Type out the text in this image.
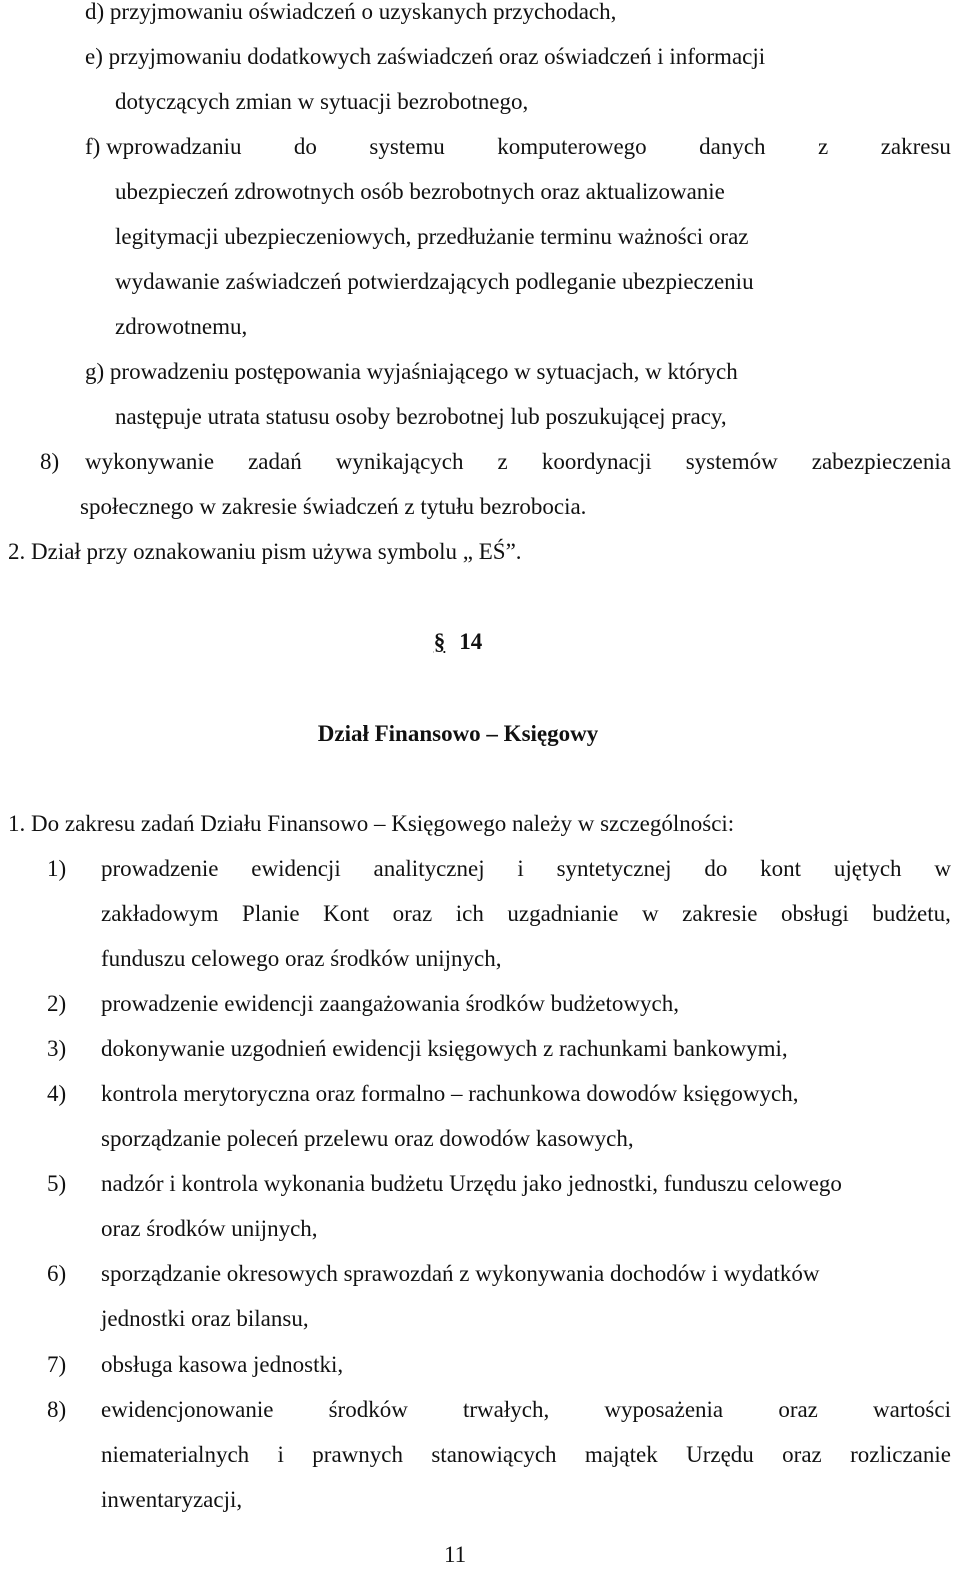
d) przyjmowaniu oświadczeń o uzyskanych przychodach,
e) przyjmowaniu dodatkowych zaświadczeń oraz oświadczeń i informacji
dotyczących zmian w sytuacji bezrobotnego,
f) wprowadzaniu do systemu komputerowego danych z zakresu
ubezpieczeń zdrowotnych osób bezrobotnych oraz aktualizowanie
legitymacji ubezpieczeniowych, przedłużanie terminu ważności oraz
wydawanie zaświadczeń potwierdzających podleganie ubezpieczeniu
zdrowotnemu,
g) prowadzeniu postępowania wyjaśniającego w sytuacjach, w których
następuje utrata statusu osoby bezrobotnej lub poszukującej pracy,
8) wykonywanie zadań wynikających z koordynacji systemów zabezpieczenia
społecznego w zakresie świadczeń z tytułu bezrobocia.
2. Dział przy oznakowaniu pism używa symbolu „ EŚ”.
§ 14
Dział Finansowo – Księgowy
1. Do zakresu zadań Działu Finansowo – Księgowego należy w szczególności:
1) prowadzenie ewidencji analitycznej i syntetycznej do kont ujętych w
zakładowym Planie Kont oraz ich uzgadnianie w zakresie obsługi budżetu,
funduszu celowego oraz środków unijnych,
2) prowadzenie ewidencji zaangażowania środków budżetowych,
3) dokonywanie uzgodnień ewidencji księgowych z rachunkami bankowymi,
4) kontrola merytoryczna oraz formalno – rachunkowa dowodów księgowych,
sporządzanie poleceń przelewu oraz dowodów kasowych,
5) nadzór i kontrola wykonania budżetu Urzędu jako jednostki, funduszu celowego
oraz środków unijnych,
6) sporządzanie okresowych sprawozdań z wykonywania dochodów i wydatków
jednostki oraz bilansu,
7) obsługa kasowa jednostki,
8) ewidencjonowanie środków trwałych, wyposażenia oraz wartości
niematerialnych i prawnych stanowiących majątek Urzędu oraz rozliczanie
inwentaryzacji,
11
